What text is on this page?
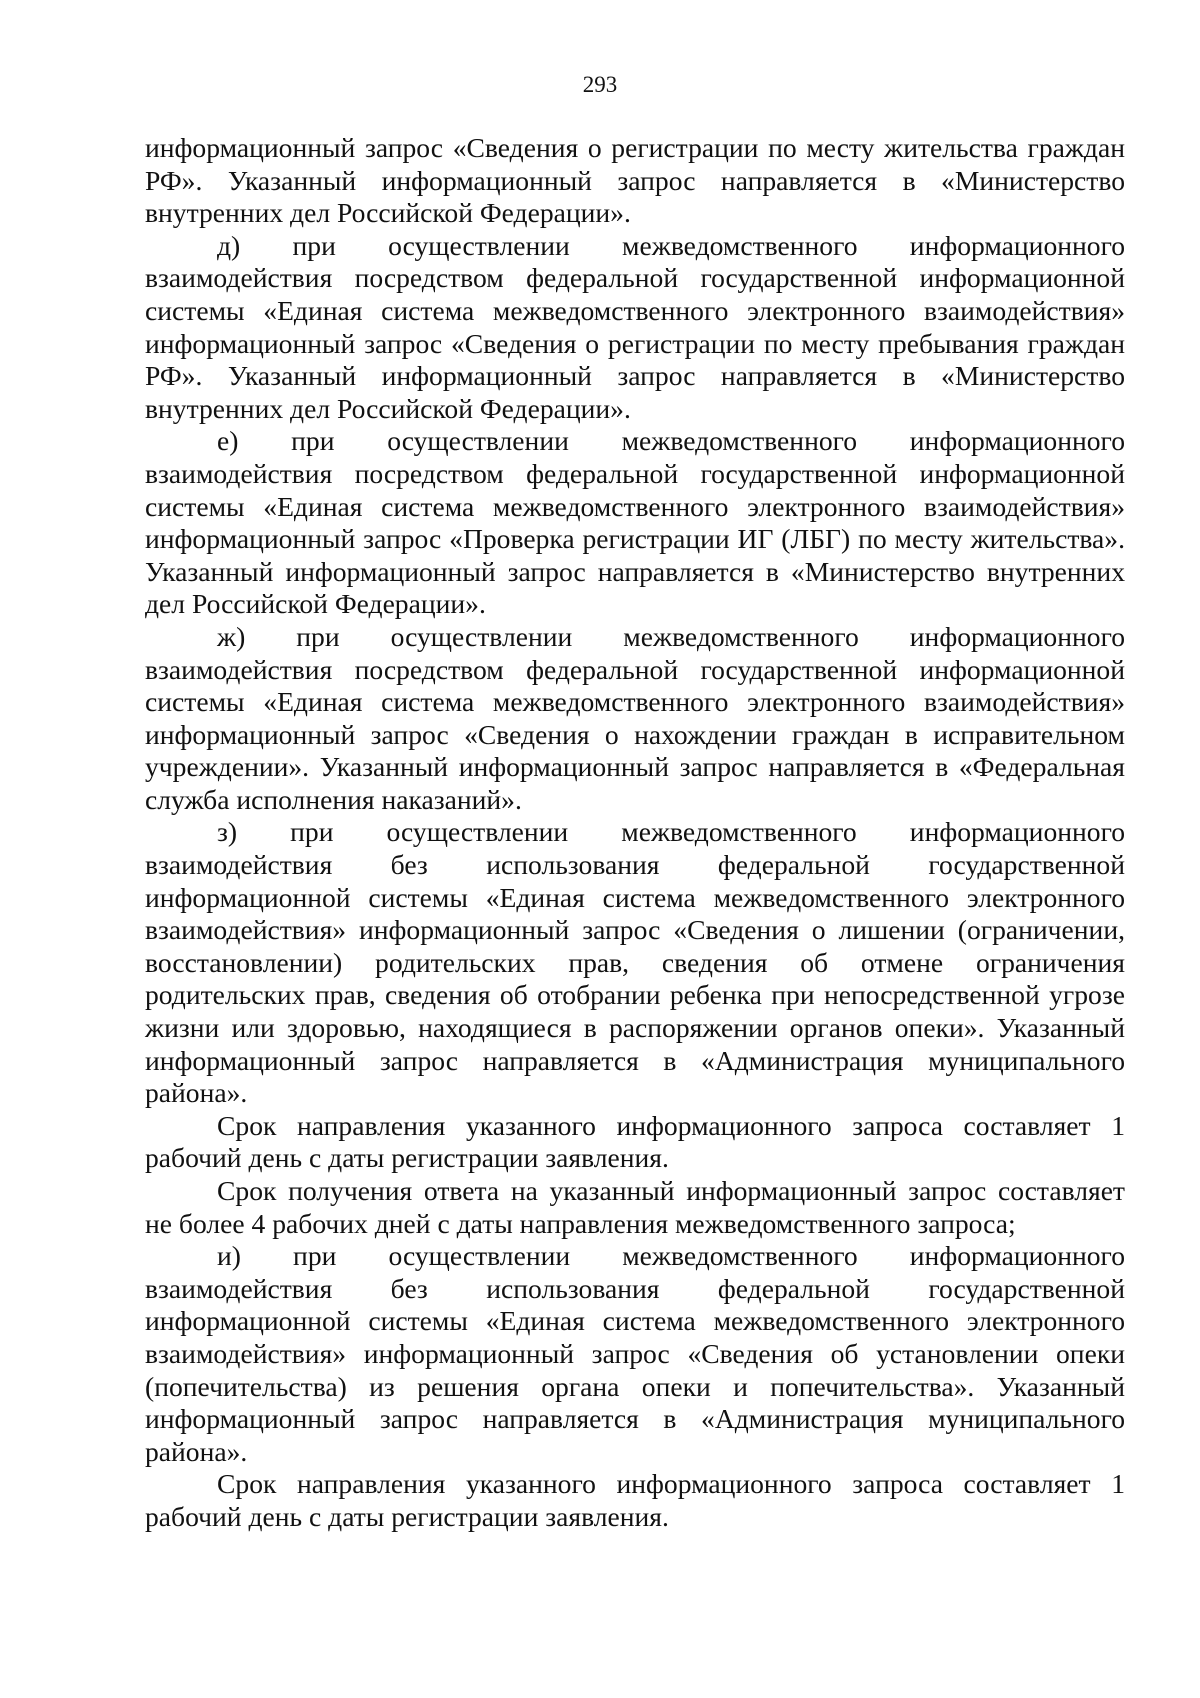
293

информационный запрос «Сведения о регистрации по месту жительства граждан РФ». Указанный информационный запрос направляется в «Министерство внутренних дел Российской Федерации».

д) при осуществлении межведомственного информационного взаимодействия посредством федеральной государственной информационной системы «Единая система межведомственного электронного взаимодействия» информационный запрос «Сведения о регистрации по месту пребывания граждан РФ». Указанный информационный запрос направляется в «Министерство внутренних дел Российской Федерации».

е) при осуществлении межведомственного информационного взаимодействия посредством федеральной государственной информационной системы «Единая система межведомственного электронного взаимодействия» информационный запрос «Проверка регистрации ИГ (ЛБГ) по месту жительства». Указанный информационный запрос направляется в «Министерство внутренних дел Российской Федерации».

ж) при осуществлении межведомственного информационного взаимодействия посредством федеральной государственной информационной системы «Единая система межведомственного электронного взаимодействия» информационный запрос «Сведения о нахождении граждан в исправительном учреждении». Указанный информационный запрос направляется в «Федеральная служба исполнения наказаний».

з) при осуществлении межведомственного информационного взаимодействия без использования федеральной государственной информационной системы «Единая система межведомственного электронного взаимодействия» информационный запрос «Сведения о лишении (ограничении, восстановлении) родительских прав, сведения об отмене ограничения родительских прав, сведения об отобрании ребенка при непосредственной угрозе жизни или здоровью, находящиеся в распоряжении органов опеки». Указанный информационный запрос направляется в «Администрация муниципального района».

Срок направления указанного информационного запроса составляет 1 рабочий день с даты регистрации заявления.

Срок получения ответа на указанный информационный запрос составляет не более 4 рабочих дней с даты направления межведомственного запроса;

и) при осуществлении межведомственного информационного взаимодействия без использования федеральной государственной информационной системы «Единая система межведомственного электронного взаимодействия» информационный запрос «Сведения об установлении опеки (попечительства) из решения органа опеки и попечительства». Указанный информационный запрос направляется в «Администрация муниципального района».

Срок направления указанного информационного запроса составляет 1 рабочий день с даты регистрации заявления.
